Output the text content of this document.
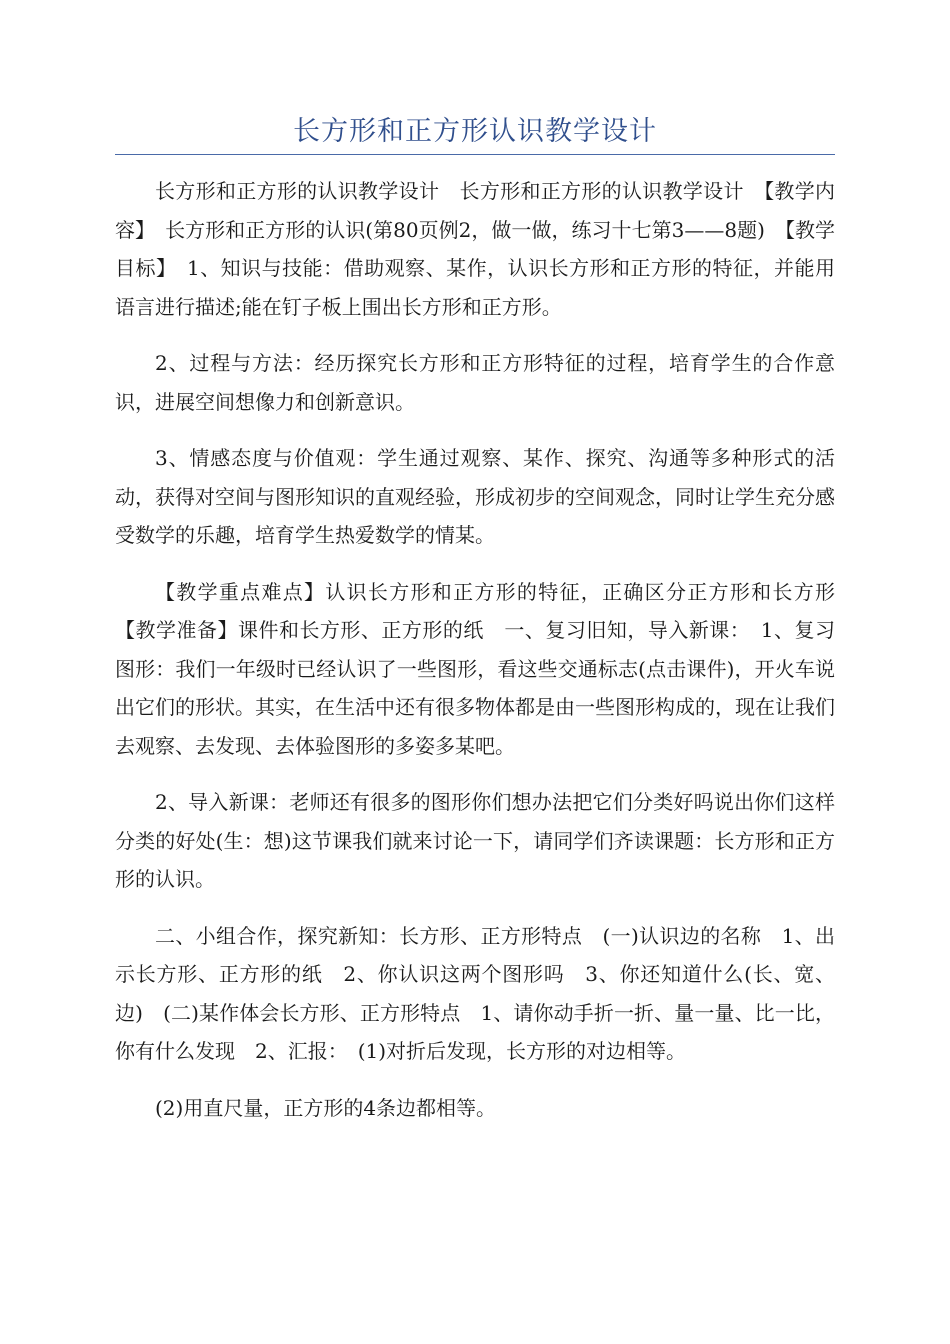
长方形和正方形认识教学设计

长方形和正方形的认识教学设计　长方形和正方形的认识教学设计　【教学内容】　长方形和正方形的认识(第80页例2，做一做，练习十七第3——8题)　【教学目标】　1、知识与技能：借助观察、某作，认识长方形和正方形的特征，并能用语言进行描述;能在钉子板上围出长方形和正方形。

2、过程与方法：经历探究长方形和正方形特征的过程，培育学生的合作意识，进展空间想像力和创新意识。

3、情感态度与价值观：学生通过观察、某作、探究、沟通等多种形式的活动，获得对空间与图形知识的直观经验，形成初步的空间观念，同时让学生充分感受数学的乐趣，培育学生热爱数学的情某。

【教学重点难点】认识长方形和正方形的特征，正确区分正方形和长方形　【教学准备】课件和长方形、正方形的纸　一、复习旧知，导入新课：　1、复习图形：我们一年级时已经认识了一些图形，看这些交通标志(点击课件)，开火车说出它们的形状。其实，在生活中还有很多物体都是由一些图形构成的，现在让我们去观察、去发现、去体验图形的多姿多某吧。

2、导入新课：老师还有很多的图形你们想办法把它们分类好吗说出你们这样分类的好处(生：想)这节课我们就来讨论一下，请同学们齐读课题：长方形和正方形的认识。

二、小组合作，探究新知：长方形、正方形特点　(一)认识边的名称　1、出示长方形、正方形的纸　2、你认识这两个图形吗　3、你还知道什么(长、宽、边)　(二)某作体会长方形、正方形特点　1、请你动手折一折、量一量、比一比，你有什么发现　2、汇报：　(1)对折后发现，长方形的对边相等。

(2)用直尺量，正方形的4条边都相等。
